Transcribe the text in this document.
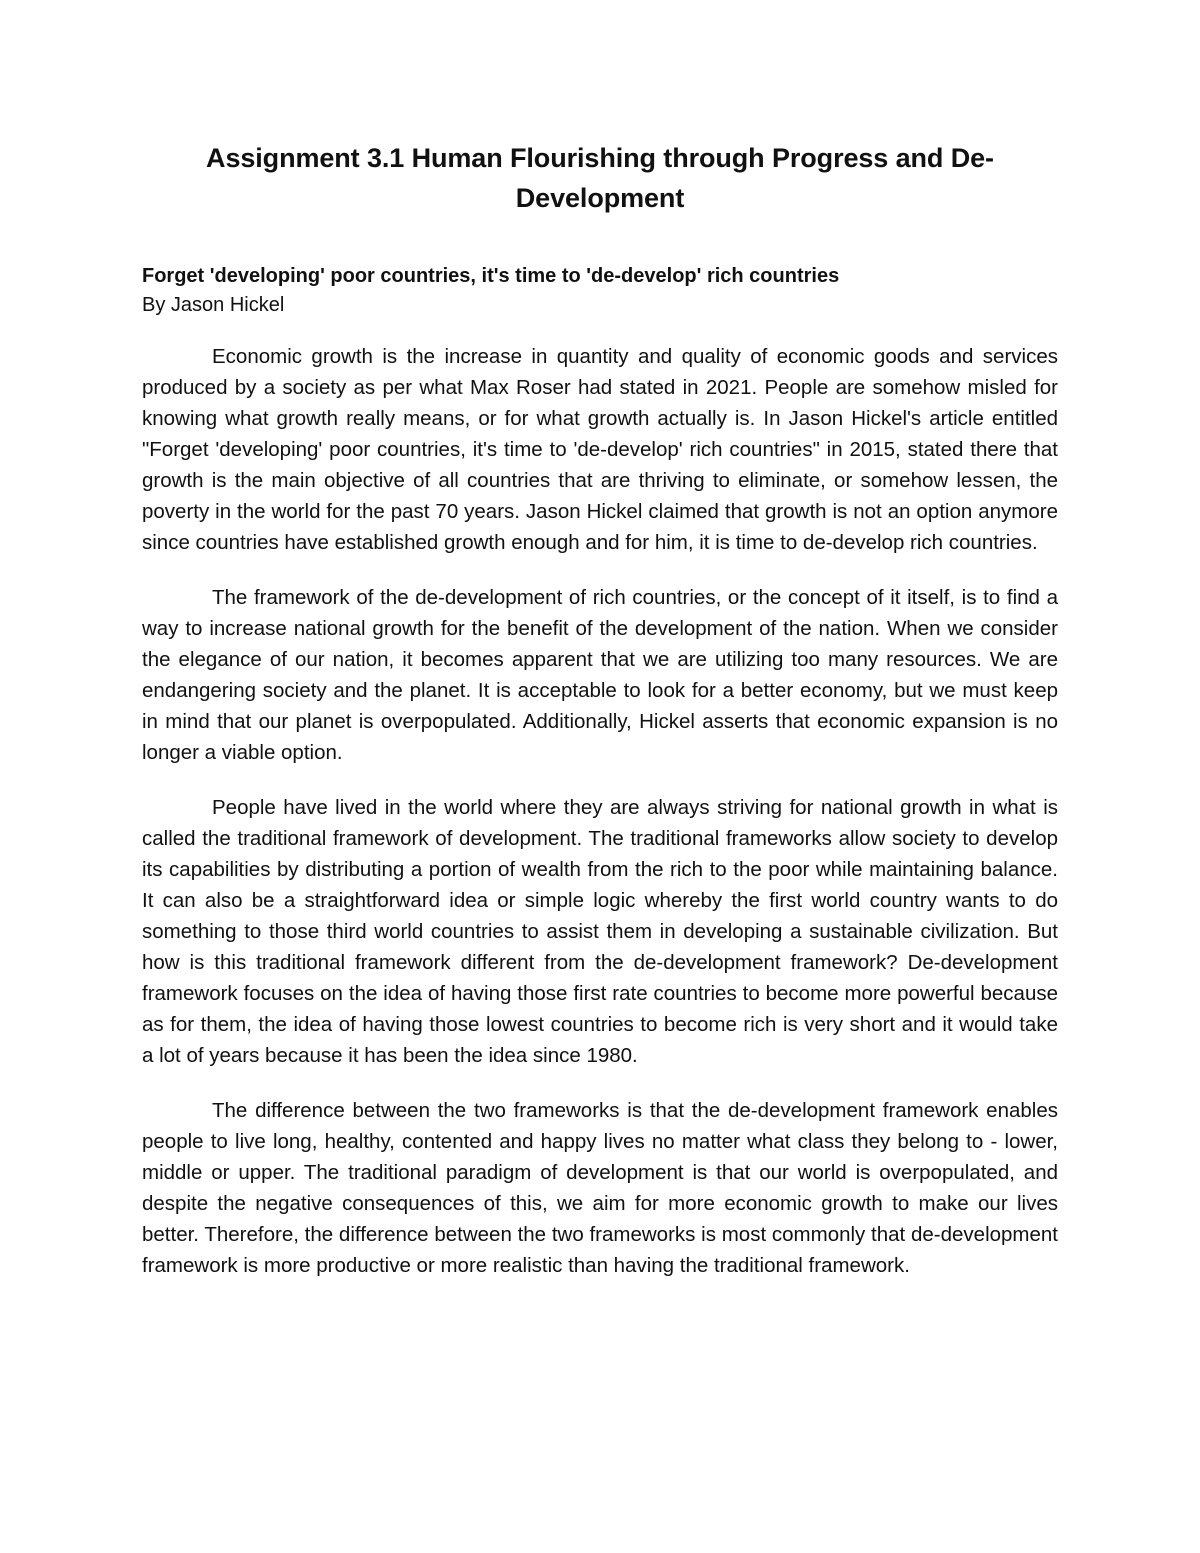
Assignment 3.1 Human Flourishing through Progress and De-Development

Forget 'developing' poor countries, it's time to 'de-develop' rich countries

By Jason Hickel

Economic growth is the increase in quantity and quality of economic goods and services produced by a society as per what Max Roser had stated in 2021. People are somehow misled for knowing what growth really means, or for what growth actually is. In Jason Hickel's article entitled "Forget 'developing' poor countries, it's time to 'de-develop' rich countries" in 2015, stated there that growth is the main objective of all countries that are thriving to eliminate, or somehow lessen, the poverty in the world for the past 70 years. Jason Hickel claimed that growth is not an option anymore since countries have established growth enough and for him, it is time to de-develop rich countries.

The framework of the de-development of rich countries, or the concept of it itself, is to find a way to increase national growth for the benefit of the development of the nation. When we consider the elegance of our nation, it becomes apparent that we are utilizing too many resources. We are endangering society and the planet. It is acceptable to look for a better economy, but we must keep in mind that our planet is overpopulated. Additionally, Hickel asserts that economic expansion is no longer a viable option.

People have lived in the world where they are always striving for national growth in what is called the traditional framework of development. The traditional frameworks allow society to develop its capabilities by distributing a portion of wealth from the rich to the poor while maintaining balance. It can also be a straightforward idea or simple logic whereby the first world country wants to do something to those third world countries to assist them in developing a sustainable civilization. But how is this traditional framework different from the de-development framework? De-development framework focuses on the idea of having those first rate countries to become more powerful because as for them, the idea of having those lowest countries to become rich is very short and it would take a lot of years because it has been the idea since 1980.

The difference between the two frameworks is that the de-development framework enables people to live long, healthy, contented and happy lives no matter what class they belong to - lower, middle or upper. The traditional paradigm of development is that our world is overpopulated, and despite the negative consequences of this, we aim for more economic growth to make our lives better. Therefore, the difference between the two frameworks is most commonly that de-development framework is more productive or more realistic than having the traditional framework.
